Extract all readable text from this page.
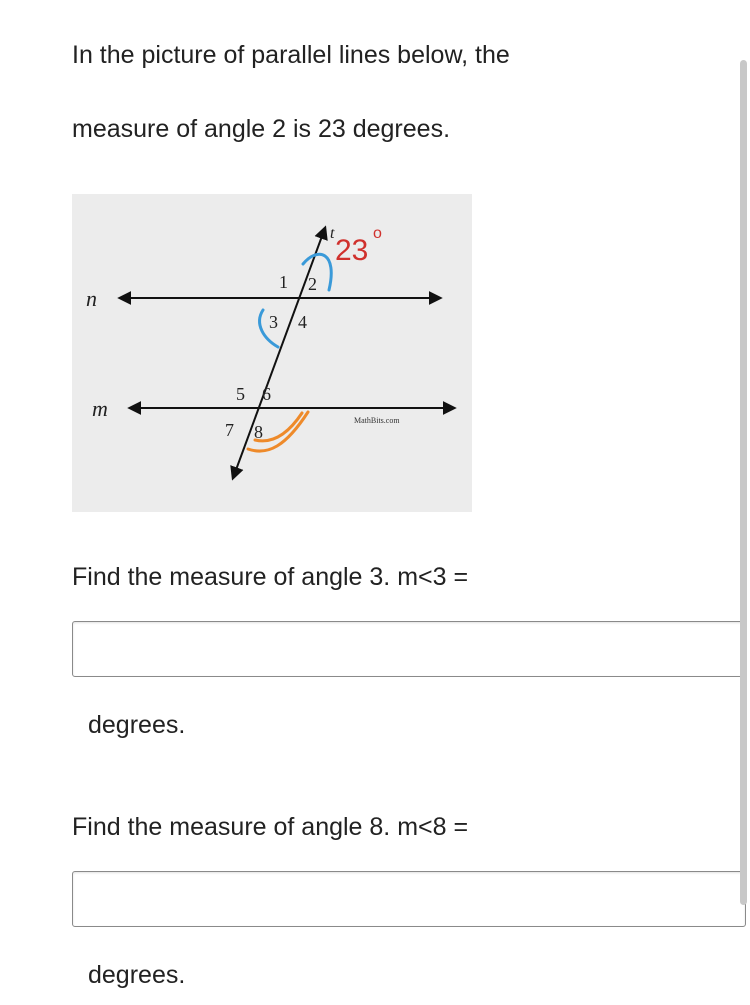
In the picture of parallel lines below, the
measure of angle 2 is 23 degrees.
n
m
t
1 2
3 4
5 6
7 8
23
o
MathBits.com
Find the measure of angle 3. m<3 =
degrees.
Find the measure of angle 8. m<8 =
degrees.
